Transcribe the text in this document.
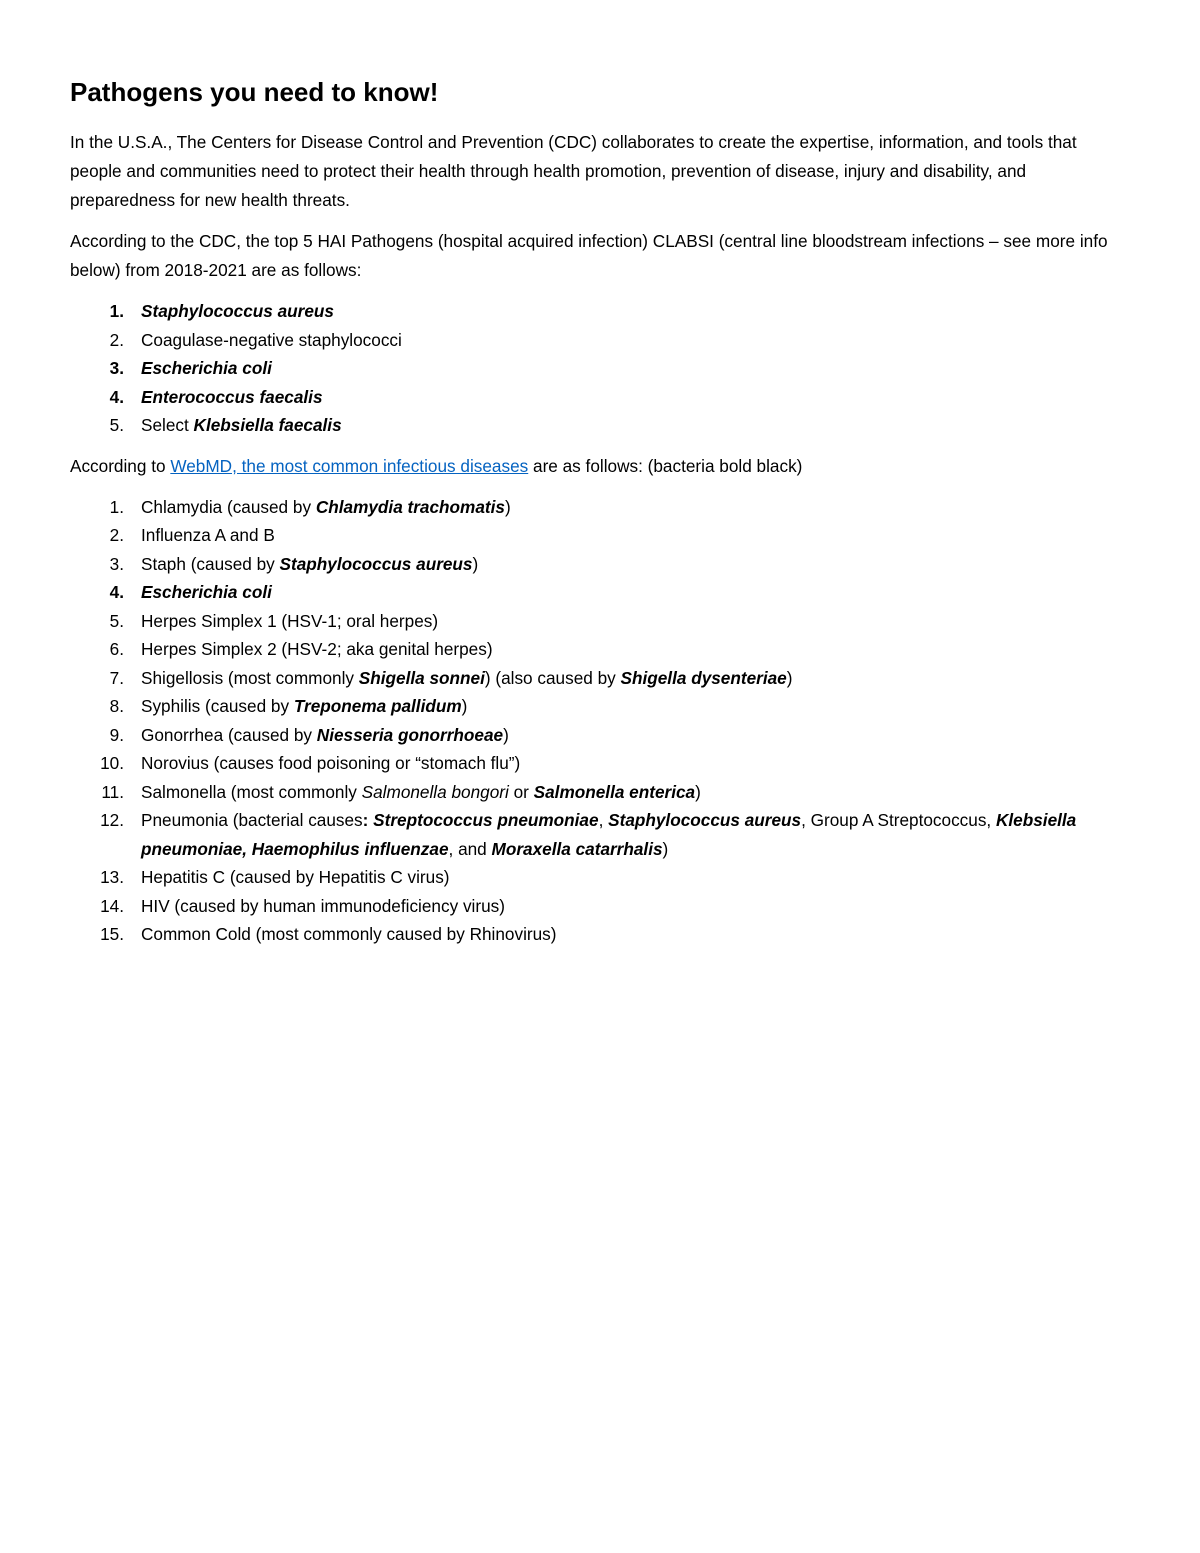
Pathogens you need to know!

In the U.S.A., The Centers for Disease Control and Prevention (CDC) collaborates to create the expertise, information, and tools that people and communities need to protect their health through health promotion, prevention of disease, injury and disability, and preparedness for new health threats.

According to the CDC, the top 5 HAI Pathogens (hospital acquired infection) CLABSI (central line bloodstream infections – see more info below) from 2018-2021 are as follows:

1. Staphylococcus aureus
2. Coagulase-negative staphylococci
3. Escherichia coli
4. Enterococcus faecalis
5. Select Klebsiella faecalis

According to WebMD, the most common infectious diseases are as follows: (bacteria bold black)

1. Chlamydia (caused by Chlamydia trachomatis)
2. Influenza A and B
3. Staph (caused by Staphylococcus aureus)
4. Escherichia coli
5. Herpes Simplex 1 (HSV-1; oral herpes)
6. Herpes Simplex 2 (HSV-2; aka genital herpes)
7. Shigellosis (most commonly Shigella sonnei) (also caused by Shigella dysenteriae)
8. Syphilis (caused by Treponema pallidum)
9. Gonorrhea (caused by Niesseria gonorrhoeae)
10. Norovius (causes food poisoning or “stomach flu”)
11. Salmonella (most commonly Salmonella bongori or Salmonella enterica)
12. Pneumonia (bacterial causes: Streptococcus pneumoniae, Staphylococcus aureus, Group A Streptococcus, Klebsiella pneumoniae, Haemophilus influenzae, and Moraxella catarrhalis)
13. Hepatitis C (caused by Hepatitis C virus)
14. HIV (caused by human immunodeficiency virus)
15. Common Cold (most commonly caused by Rhinovirus)
